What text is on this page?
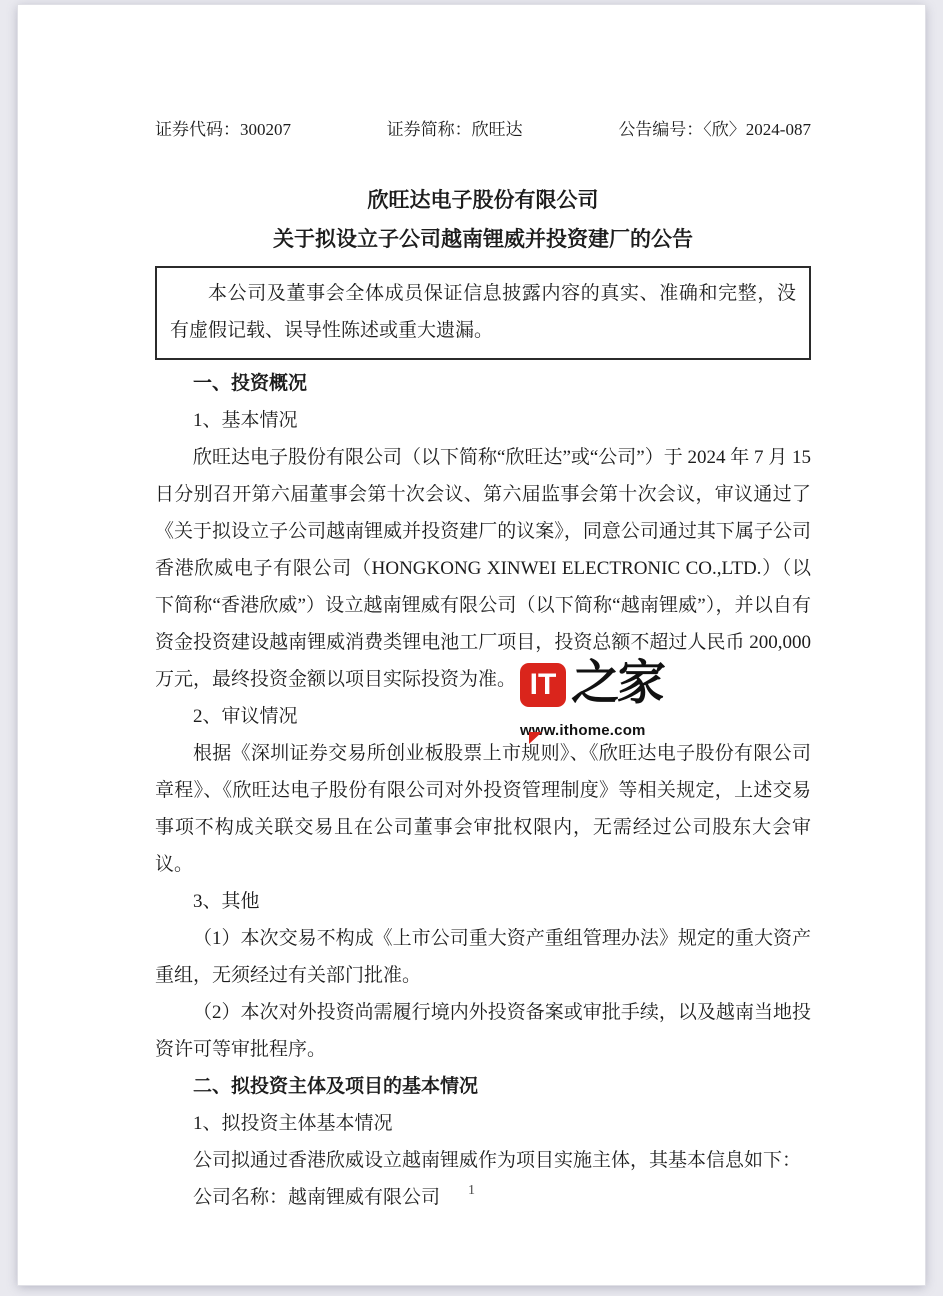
证券代码：300207	证券简称：欣旺达	公告编号：〈欣〉2024-087
欣旺达电子股份有限公司
关于拟设立子公司越南锂威并投资建厂的公告
本公司及董事会全体成员保证信息披露内容的真实、准确和完整，没有虚假记载、误导性陈述或重大遗漏。

一、投资概况

1、基本情况

欣旺达电子股份有限公司（以下简称“欣旺达”或“公司”）于 2024 年 7 月 15 日分别召开第六届董事会第十次会议、第六届监事会第十次会议，审议通过了《关于拟设立子公司越南锂威并投资建厂的议案》，同意公司通过其下属子公司香港欣威电子有限公司（HONGKONG XINWEI ELECTRONIC CO.,LTD.）（以下简称“香港欣威”）设立越南锂威有限公司（以下简称“越南锂威”），并以自有资金投资建设越南锂威消费类锂电池工厂项目，投资总额不超过人民币 200,000 万元，最终投资金额以项目实际投资为准。

2、审议情况

根据《深圳证券交易所创业板股票上市规则》、《欣旺达电子股份有限公司章程》、《欣旺达电子股份有限公司对外投资管理制度》等相关规定，上述交易事项不构成关联交易且在公司董事会审批权限内，无需经过公司股东大会审议。

3、其他

（1）本次交易不构成《上市公司重大资产重组管理办法》规定的重大资产重组，无须经过有关部门批准。

（2）本次对外投资尚需履行境内外投资备案或审批手续，以及越南当地投资许可等审批程序。

二、拟投资主体及项目的基本情况

1、拟投资主体基本情况

公司拟通过香港欣威设立越南锂威作为项目实施主体，其基本信息如下：

公司名称：越南锂威有限公司	1
IT 之家
www.ithome.com
